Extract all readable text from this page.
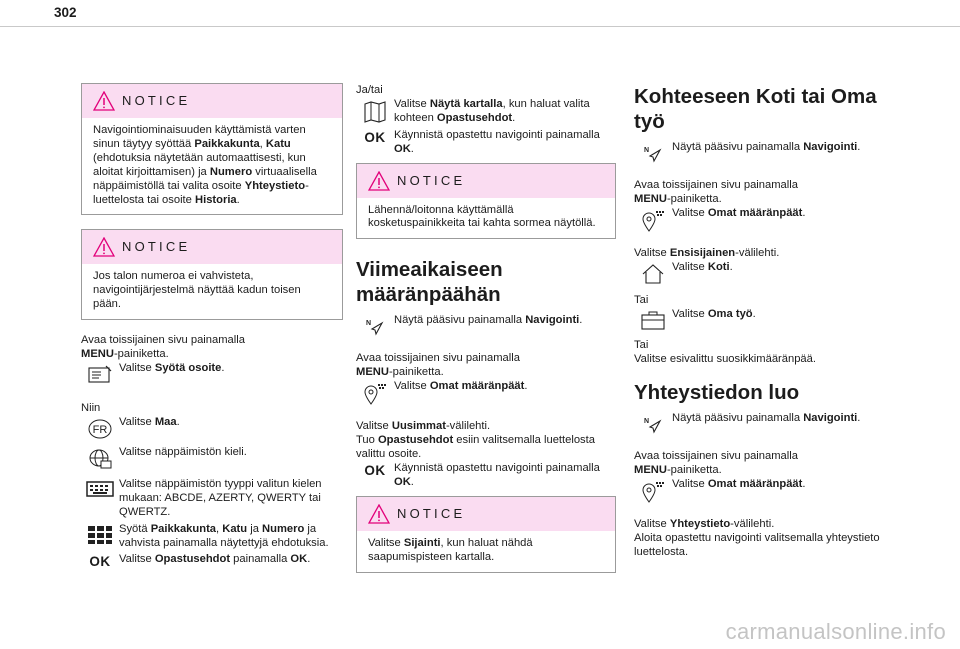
302
NOTICE
Navigointiominaisuuden käyttämistä varten sinun täytyy syöttää Paikkakunta, Katu (ehdotuksia näytetään automaattisesti, kun aloitat kirjoittamisen) ja Numero virtuaalisella näppäimistöllä tai valita osoite Yhteystieto-luettelosta tai osoite Historia.
NOTICE
Jos talon numeroa ei vahvisteta, navigointijärjestelmä näyttää kadun toisen pään.

Avaa toissijainen sivu painamalla
MENU-painiketta.

Valitse Syötä osoite.

Niin

FR
Valitse Maa.
Valitse näppäimistön kieli.
Valitse näppäimistön tyyppi valitun kielen mukaan: ABCDE, AZERTY, QWERTY tai QWERTZ.
Syötä Paikkakunta, Katu ja Numero ja vahvista painamalla näytettyjä ehdotuksia.
OK Valitse Opastusehdot painamalla OK.

Ja/tai

Valitse Näytä kartalla, kun haluat valita kohteen Opastusehdot.
OK Käynnistä opastettu navigointi painamalla OK.
NOTICE
Lähennä/loitonna käyttämällä kosketuspainikkeita tai kahta sormea näytöllä.
Viimeaikaiseen määränpäähän
N Näytä pääsivu painamalla Navigointi.

Avaa toissijainen sivu painamalla
MENU-painiketta.

Valitse Omat määränpäät.

Valitse Uusimmat-välilehti.

Tuo Opastusehdot esiin valitsemalla luettelosta valittu osoite.

OK Käynnistä opastettu navigointi painamalla OK.
NOTICE
Valitse Sijainti, kun haluat nähdä saapumispisteen kartalla.
Kohteeseen Koti tai Oma työ
N Näytä pääsivu painamalla Navigointi.

Avaa toissijainen sivu painamalla
MENU-painiketta.

Valitse Omat määränpäät.

Valitse Ensisijainen-välilehti.

Valitse Koti.

Tai

Valitse Oma työ.

Tai

Valitse esivalittu suosikkimääränpää.

Yhteystiedon luo
N Näytä pääsivu painamalla Navigointi.

Avaa toissijainen sivu painamalla
MENU-painiketta.

Valitse Omat määränpäät.

Valitse Yhteystieto-välilehti.

Aloita opastettu navigointi valitsemalla yhteystieto luettelosta.

carmanualsonline.info
